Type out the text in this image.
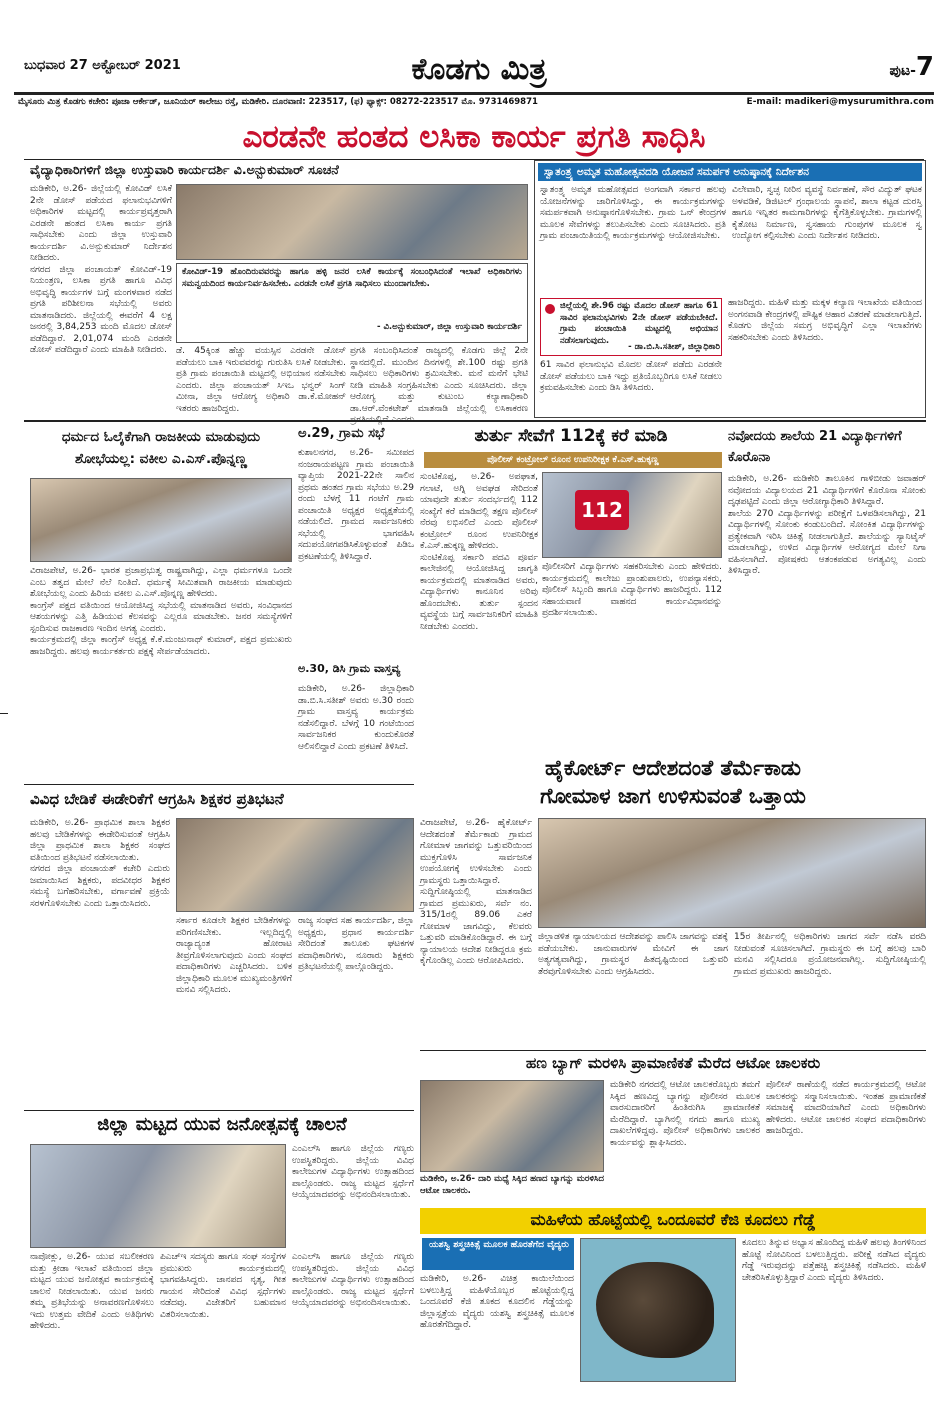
ಬುಧವಾರ 27 ಅಕ್ಟೋಬರ್ 2021	ಕೊಡಗು ಮಿತ್ರ	ಪುಟ-7
ಮೈಸೂರು ಮಿತ್ರ ಕೊಡಗು ಕಚೇರಿ: ಪೂಜಾ ಆರ್ಕೇಡ್, ಜೂನಿಯರ್ ಕಾಲೇಜು ರಸ್ತೆ, ಮಡಿಕೇರಿ. ದೂರವಾಣಿ: 223517, (ಫ) ಫ್ಯಾಕ್ಸ್: 08272-223517 ಮೊ. 9731469871	E-mail: madikeri@mysurumithra.com
ಎರಡನೇ ಹಂತದ ಲಸಿಕಾ ಕಾರ್ಯ ಪ್ರಗತಿ ಸಾಧಿಸಿ
ವೈದ್ಯಾಧಿಕಾರಿಗಳಿಗೆ ಜಿಲ್ಲಾ ಉಸ್ತುವಾರಿ ಕಾರ್ಯದರ್ಶಿ ವಿ.ಅನ್ಬುಕುಮಾರ್ ಸೂಚನೆ
ಮಡಿಕೇರಿ, ಅ.26- ಜಿಲ್ಲೆಯಲ್ಲಿ ಕೋವಿಡ್ ಲಸಿಕೆ 2ನೇ ಡೋಸ್ ಪಡೆಯದ ಫಲಾನುಭವಿಗಳಿಗೆ ಅಧಿಕಾರಿಗಳ ಮಟ್ಟದಲ್ಲಿ ಕಾರ್ಯಪ್ರವೃತ್ತರಾಗಿ ಎರಡನೇ ಹಂತದ ಲಸಿಕಾ ಕಾರ್ಯ ಪ್ರಗತಿ ಸಾಧಿಸಬೇಕು ಎಂದು ಜಿಲ್ಲಾ ಉಸ್ತುವಾರಿ ಕಾರ್ಯದರ್ಶಿ ವಿ.ಅನ್ಬುಕುಮಾರ್ ನಿರ್ದೇಶನ ನೀಡಿದರು.
ನಗರದ ಜಿಲ್ಲಾ ಪಂಚಾಯತ್ ಕೋವಿಡ್-19 ನಿಯಂತ್ರಣ, ಲಸಿಕಾ ಪ್ರಗತಿ ಹಾಗೂ ವಿವಿಧ ಅಭಿವೃದ್ಧಿ ಕಾರ್ಯಗಳ ಬಗ್ಗೆ ಮಂಗಳವಾರ ನಡೆದ ಪ್ರಗತಿ ಪರಿಶೀಲನಾ ಸಭೆಯಲ್ಲಿ ಅವರು ಮಾತನಾಡಿದರು. ಜಿಲ್ಲೆಯಲ್ಲಿ ಈವರೆಗೆ 4 ಲಕ್ಷ ಜನರಲ್ಲಿ 3,84,253 ಮಂದಿ ಮೊದಲ ಡೋಸ್ ಪಡೆದಿದ್ದಾರೆ. 2,01,074 ಮಂದಿ ಎರಡನೇ ಡೋಸ್ ಪಡೆದಿದ್ದಾರೆ ಎಂದು ಮಾಹಿತಿ ನೀಡಿದರು.
ಕೋವಿಡ್-19 ಹೊಂದಿರುವವರನ್ನು ಹಾಗೂ ಹಳ್ಳಿ ಜನರ ಲಸಿಕೆ ಕಾರ್ಯಕ್ಕೆ ಸಂಬಂಧಿಸಿದಂತೆ ಇಲಾಖೆ ಅಧಿಕಾರಿಗಳು ಸಮನ್ವಯದಿಂದ ಕಾರ್ಯನಿರ್ವಹಿಸಬೇಕು. ಎರಡನೇ ಲಸಿಕೆ ಪ್ರಗತಿ ಸಾಧಿಸಲು ಮುಂದಾಗಬೇಕು.
- ವಿ.ಅನ್ಬುಕುಮಾರ್, ಜಿಲ್ಲಾ ಉಸ್ತುವಾರಿ ಕಾರ್ಯದರ್ಶಿ
ಡೆ. 45ಕ್ಕಿಂತ ಹೆಚ್ಚು ವಯಸ್ಸಿನ ಎರಡನೇ ಡೋಸ್ ಪಡೆಯಲು ಬಾಕಿ ಇರುವವರನ್ನು ಗುರುತಿಸಿ ಲಸಿಕೆ ನೀಡಬೇಕು. ಪ್ರತಿ ಗ್ರಾಮ ಪಂಚಾಯಿತಿ ಮಟ್ಟದಲ್ಲಿ ಅಭಿಯಾನ ನಡೆಸಬೇಕು ಎಂದರು. ಜಿಲ್ಲಾ ಪಂಚಾಯತ್ ಸಿಇಒ ಭನ್ವರ್ ಸಿಂಗ್ ಮೀನಾ, ಜಿಲ್ಲಾ ಆರೋಗ್ಯ ಅಧಿಕಾರಿ ಡಾ.ಕೆ.ಮೋಹನ್ ಇತರರು ಹಾಜರಿದ್ದರು.
ಪ್ರಗತಿ ಸಂಬಂಧಿಸಿದಂತೆ ರಾಜ್ಯದಲ್ಲಿ ಕೊಡಗು ಜಿಲ್ಲೆ 2ನೇ ಸ್ಥಾನದಲ್ಲಿದೆ. ಮುಂದಿನ ದಿನಗಳಲ್ಲಿ ಶೇ.100 ರಷ್ಟು ಪ್ರಗತಿ ಸಾಧಿಸಲು ಅಧಿಕಾರಿಗಳು ಶ್ರಮಿಸಬೇಕು. ಮನೆ ಮನೆಗೆ ಭೇಟಿ ನೀಡಿ ಮಾಹಿತಿ ಸಂಗ್ರಹಿಸಬೇಕು ಎಂದು ಸೂಚಿಸಿದರು. ಜಿಲ್ಲಾ ಆರೋಗ್ಯ ಮತ್ತು ಕುಟುಂಬ ಕಲ್ಯಾಣಾಧಿಕಾರಿ ಡಾ.ಆರ್.ವೆಂಕಟೇಶ್ ಮಾತನಾಡಿ ಜಿಲ್ಲೆಯಲ್ಲಿ ಲಸಿಕಾಕರಣ
ಸ್ವಾತಂತ್ರ್ಯ ಅಮೃತ ಮಹೋತ್ಸವದಡಿ ಯೋಜನೆ ಸಮರ್ಪಕ ಅನುಷ್ಠಾನಕ್ಕೆ ನಿರ್ದೇಶನ
ಸ್ವಾತಂತ್ರ್ಯ ಅಮೃತ ಮಹೋತ್ಸವದ ಅಂಗವಾಗಿ ಸರ್ಕಾರ ಹಲವು ಯೋಜನೆಗಳನ್ನು ಜಾರಿಗೊಳಿಸಿದ್ದು, ಈ ಕಾರ್ಯಕ್ರಮಗಳನ್ನು ಸಮರ್ಪಕವಾಗಿ ಅನುಷ್ಠಾನಗೊಳಿಸಬೇಕು. ಗ್ರಾಮ ಒನ್ ಕೇಂದ್ರಗಳ ಮೂಲಕ ಸೇವೆಗಳನ್ನು ತಲುಪಿಸಬೇಕು ಎಂದು ಸೂಚಿಸಿದರು. ಪ್ರತಿ ಗ್ರಾಮ ಪಂಚಾಯಿತಿಯಲ್ಲಿ ಕಾರ್ಯಕ್ರಮಗಳನ್ನು ಆಯೋಜಿಸಬೇಕು.
ವಿಲೇವಾರಿ, ಸ್ವಚ್ಛ ನೀರಿನ ವ್ಯವಸ್ಥೆ ನಿರ್ವಹಣೆ, ಸೌರ ವಿದ್ಯುತ್ ಘಟಕ ಅಳವಡಿಕೆ, ಡಿಜಿಟಲ್ ಗ್ರಂಥಾಲಯ ಸ್ಥಾಪನೆ, ಶಾಲಾ ಕಟ್ಟಡ ದುರಸ್ತಿ ಹಾಗೂ ಇನ್ನಿತರ ಕಾಮಗಾರಿಗಳನ್ನು ಕೈಗೆತ್ತಿಕೊಳ್ಳಬೇಕು. ಗ್ರಾಮಗಳಲ್ಲಿ ಕೈತೋಟ ನಿರ್ಮಾಣ, ಸ್ವಸಹಾಯ ಗುಂಪುಗಳ ಮೂಲಕ ಸ್ವ ಉದ್ಯೋಗ ಕಲ್ಪಿಸಬೇಕು ಎಂದು ನಿರ್ದೇಶನ ನೀಡಿದರು.
ಜಿಲ್ಲೆಯಲ್ಲಿ ಶೇ.96 ರಷ್ಟು ಮೊದಲ ಡೋಸ್ ಹಾಗೂ 61 ಸಾವಿರ ಫಲಾನುಭವಿಗಳು 2ನೇ ಡೋಸ್ ಪಡೆಯಬೇಕಿದೆ. ಗ್ರಾಮ ಪಂಚಾಯಿತಿ ಮಟ್ಟದಲ್ಲಿ ಅಭಿಯಾನ ನಡೆಸಲಾಗುವುದು.
- ಡಾ.ಬಿ.ಸಿ.ಸತೀಶ್, ಜಿಲ್ಲಾಧಿಕಾರಿ
61 ಸಾವಿರ ಫಲಾನುಭವಿ ಮೊದಲ ಡೋಸ್ ಪಡೆದು ಎರಡನೇ ಡೋಸ್ ಪಡೆಯಲು ಬಾಕಿ ಇದ್ದು ಪ್ರತಿಯೊಬ್ಬರಿಗೂ ಲಸಿಕೆ ನೀಡಲು ಕ್ರಮವಹಿಸಬೇಕು ಎಂದು ಡಿಸಿ ತಿಳಿಸಿದರು.
ಹಾಜರಿದ್ದರು. ಮಹಿಳೆ ಮತ್ತು ಮಕ್ಕಳ ಕಲ್ಯಾಣ ಇಲಾಖೆಯ ವತಿಯಿಂದ ಅಂಗನವಾಡಿ ಕೇಂದ್ರಗಳಲ್ಲಿ ಪೌಷ್ಟಿಕ ಆಹಾರ ವಿತರಣೆ ಮಾಡಲಾಗುತ್ತಿದೆ. ಕೊಡಗು ಜಿಲ್ಲೆಯ ಸಮಗ್ರ ಅಭಿವೃದ್ಧಿಗೆ ಎಲ್ಲಾ ಇಲಾಖೆಗಳು ಸಹಕರಿಸಬೇಕು ಎಂದು ತಿಳಿಸಿದರು.
ಧರ್ಮದ ಓಲೈಕೆಗಾಗಿ ರಾಜಕೀಯ ಮಾಡುವುದು ಶೋಭೆಯಲ್ಲ: ವಕೀಲ ಎ.ಎಸ್.ಪೊನ್ನಣ್ಣ
ವಿರಾಜಪೇಟೆ, ಅ.26- ಭಾರತ ಪ್ರಜಾಪ್ರಭುತ್ವ ರಾಷ್ಟ್ರವಾಗಿದ್ದು, ಎಲ್ಲಾ ಧರ್ಮಗಳೂ ಒಂದೇ ಎಂಬ ತತ್ವದ ಮೇಲೆ ನೆಲೆ ನಿಂತಿದೆ. ಧರ್ಮಕ್ಕೆ ಸೀಮಿತವಾಗಿ ರಾಜಕೀಯ ಮಾಡುವುದು ಶೋಭೆಯಲ್ಲ ಎಂದು ಹಿರಿಯ ವಕೀಲ ಎ.ಎಸ್.ಪೊನ್ನಣ್ಣ ಹೇಳಿದರು.
ಕಾಂಗ್ರೆಸ್ ಪಕ್ಷದ ವತಿಯಿಂದ ಆಯೋಜಿಸಿದ್ದ ಸಭೆಯಲ್ಲಿ ಮಾತನಾಡಿದ ಅವರು, ಸಂವಿಧಾನದ ಆಶಯಗಳನ್ನು ಎತ್ತಿ ಹಿಡಿಯುವ ಕೆಲಸವನ್ನು ಎಲ್ಲರೂ ಮಾಡಬೇಕು. ಜನರ ಸಮಸ್ಯೆಗಳಿಗೆ ಸ್ಪಂದಿಸುವ ರಾಜಕಾರಣ ಇಂದಿನ ಅಗತ್ಯ ಎಂದರು.
ಕಾರ್ಯಕ್ರಮದಲ್ಲಿ ಜಿಲ್ಲಾ ಕಾಂಗ್ರೆಸ್ ಅಧ್ಯಕ್ಷ ಕೆ.ಕೆ.ಮಂಜುನಾಥ್ ಕುಮಾರ್, ಪಕ್ಷದ ಪ್ರಮುಖರು ಹಾಜರಿದ್ದರು. ಹಲವು ಕಾರ್ಯಕರ್ತರು ಪಕ್ಷಕ್ಕೆ ಸೇರ್ಪಡೆಯಾದರು.
ಅ.29, ಗ್ರಾಮ ಸಭೆ
ಕುಶಾಲನಗರ, ಅ.26- ಸಮೀಪದ ನಂಜರಾಯಪಟ್ಟಣ ಗ್ರಾಮ ಪಂಚಾಯಿತಿ ವ್ಯಾಪ್ತಿಯ 2021-22ನೇ ಸಾಲಿನ ಪ್ರಥಮ ಹಂತದ ಗ್ರಾಮ ಸಭೆಯು ಅ.29 ರಂದು ಬೆಳಗ್ಗೆ 11 ಗಂಟೆಗೆ ಗ್ರಾಮ ಪಂಚಾಯಿತಿ ಅಧ್ಯಕ್ಷರ ಅಧ್ಯಕ್ಷತೆಯಲ್ಲಿ ನಡೆಯಲಿದೆ. ಗ್ರಾಮದ ಸಾರ್ವಜನಿಕರು ಸಭೆಯಲ್ಲಿ ಭಾಗವಹಿಸಿ ಸದುಪಯೋಗಪಡಿಸಿಕೊಳ್ಳುವಂತೆ ಪಿಡಿಒ ಪ್ರಕಟಣೆಯಲ್ಲಿ ತಿಳಿಸಿದ್ದಾರೆ.
ಅ.30, ಡಿಸಿ ಗ್ರಾಮ ವಾಸ್ತವ್ಯ
ಮಡಿಕೇರಿ, ಅ.26- ಜಿಲ್ಲಾಧಿಕಾರಿ ಡಾ.ಬಿ.ಸಿ.ಸತೀಶ್ ಅವರು ಅ.30 ರಂದು ಗ್ರಾಮ ವಾಸ್ತವ್ಯ ಕಾರ್ಯಕ್ರಮ ನಡೆಸಲಿದ್ದಾರೆ. ಬೆಳಗ್ಗೆ 10 ಗಂಟೆಯಿಂದ ಸಾರ್ವಜನಿಕರ ಕುಂದುಕೊರತೆ ಆಲಿಸಲಿದ್ದಾರೆ ಎಂದು ಪ್ರಕಟಣೆ ತಿಳಿಸಿದೆ.
ತುರ್ತು ಸೇವೆಗೆ 112ಕ್ಕೆ ಕರೆ ಮಾಡಿ
ಪೊಲೀಸ್ ಕಂಟ್ರೋಲ್ ರೂಂನ ಉಪನಿರೀಕ್ಷಕ ಕೆ.ಎಸ್.ಹುಕ್ಕಣ್ಣ
ಸುಂಟಿಕೊಪ್ಪ, ಅ.26- ಅಪಘಾತ, ಗಲಾಟೆ, ಅಗ್ನಿ ಅವಘಡ ಸೇರಿದಂತೆ ಯಾವುದೇ ತುರ್ತು ಸಂದರ್ಭದಲ್ಲಿ 112 ಸಂಖ್ಯೆಗೆ ಕರೆ ಮಾಡಿದಲ್ಲಿ ತಕ್ಷಣ ಪೊಲೀಸ್ ನೆರವು ಲಭಿಸಲಿದೆ ಎಂದು ಪೊಲೀಸ್ ಕಂಟ್ರೋಲ್ ರೂಂನ ಉಪನಿರೀಕ್ಷಕ ಕೆ.ಎಸ್.ಹುಕ್ಕಣ್ಣ ಹೇಳಿದರು.
ಸುಂಟಿಕೊಪ್ಪ ಸರ್ಕಾರಿ ಪದವಿ ಪೂರ್ವ ಕಾಲೇಜಿನಲ್ಲಿ ಆಯೋಜಿಸಿದ್ದ ಜಾಗೃತಿ ಕಾರ್ಯಕ್ರಮದಲ್ಲಿ ಮಾತನಾಡಿದ ಅವರು, ವಿದ್ಯಾರ್ಥಿಗಳು ಕಾನೂನಿನ ಅರಿವು ಹೊಂದಬೇಕು. ತುರ್ತು ಸ್ಪಂದನ ವ್ಯವಸ್ಥೆಯ ಬಗ್ಗೆ ಸಾರ್ವಜನಿಕರಿಗೆ ಮಾಹಿತಿ ನೀಡಬೇಕು ಎಂದರು.
112
ಪೊಲೀಸರಿಗೆ ವಿದ್ಯಾರ್ಥಿಗಳು ಸಹಕರಿಸಬೇಕು ಎಂದು ಹೇಳಿದರು. ಕಾರ್ಯಕ್ರಮದಲ್ಲಿ ಕಾಲೇಜು ಪ್ರಾಂಶುಪಾಲರು, ಉಪನ್ಯಾಸಕರು, ಪೊಲೀಸ್ ಸಿಬ್ಬಂದಿ ಹಾಗೂ ವಿದ್ಯಾರ್ಥಿಗಳು ಹಾಜರಿದ್ದರು. 112 ಸಹಾಯವಾಣಿ ವಾಹನದ ಕಾರ್ಯವಿಧಾನವನ್ನು ಪ್ರದರ್ಶಿಸಲಾಯಿತು.
ನವೋದಯ ಶಾಲೆಯ 21 ವಿದ್ಯಾರ್ಥಿಗಳಿಗೆ ಕೊರೊನಾ
ಮಡಿಕೇರಿ, ಅ.26- ಮಡಿಕೇರಿ ತಾಲೂಕಿನ ಗಾಳಿಬೀಡು ಜವಾಹರ್ ನವೋದಯ ವಿದ್ಯಾಲಯದ 21 ವಿದ್ಯಾರ್ಥಿಗಳಿಗೆ ಕೊರೊನಾ ಸೋಂಕು ದೃಢಪಟ್ಟಿದೆ ಎಂದು ಜಿಲ್ಲಾ ಆರೋಗ್ಯಾಧಿಕಾರಿ ತಿಳಿಸಿದ್ದಾರೆ.
ಶಾಲೆಯ 270 ವಿದ್ಯಾರ್ಥಿಗಳನ್ನು ಪರೀಕ್ಷೆಗೆ ಒಳಪಡಿಸಲಾಗಿದ್ದು, 21 ವಿದ್ಯಾರ್ಥಿಗಳಲ್ಲಿ ಸೋಂಕು ಕಂಡುಬಂದಿದೆ. ಸೋಂಕಿತ ವಿದ್ಯಾರ್ಥಿಗಳನ್ನು ಪ್ರತ್ಯೇಕವಾಗಿ ಇರಿಸಿ ಚಿಕಿತ್ಸೆ ನೀಡಲಾಗುತ್ತಿದೆ. ಶಾಲೆಯನ್ನು ಸ್ಯಾನಿಟೈಸ್ ಮಾಡಲಾಗಿದ್ದು, ಉಳಿದ ವಿದ್ಯಾರ್ಥಿಗಳ ಆರೋಗ್ಯದ ಮೇಲೆ ನಿಗಾ ವಹಿಸಲಾಗಿದೆ. ಪೋಷಕರು ಆತಂಕಪಡುವ ಅಗತ್ಯವಿಲ್ಲ ಎಂದು ತಿಳಿಸಿದ್ದಾರೆ.
ಹೈಕೋರ್ಟ್ ಆದೇಶದಂತೆ ತೆರ್ಮೆಕಾಡು
ಗೋಮಾಳ ಜಾಗ ಉಳಿಸುವಂತೆ ಒತ್ತಾಯ
ವಿರಾಜಪೇಟೆ, ಅ.26- ಹೈಕೋರ್ಟ್ ಆದೇಶದಂತೆ ತೆರ್ಮೆಕಾಡು ಗ್ರಾಮದ ಗೋಮಾಳ ಜಾಗವನ್ನು ಒತ್ತುವರಿಯಿಂದ ಮುಕ್ತಗೊಳಿಸಿ ಸಾರ್ವಜನಿಕ ಉಪಯೋಗಕ್ಕೆ ಉಳಿಸಬೇಕು ಎಂದು ಗ್ರಾಮಸ್ಥರು ಒತ್ತಾಯಿಸಿದ್ದಾರೆ.
ಸುದ್ದಿಗೋಷ್ಠಿಯಲ್ಲಿ ಮಾತನಾಡಿದ ಗ್ರಾಮದ ಪ್ರಮುಖರು, ಸರ್ವೆ ನಂ. 315/1ರಲ್ಲಿ 89.06 ಎಕರೆ ಗೋಮಾಳ ಜಾಗವಿದ್ದು, ಕೆಲವರು ಒತ್ತುವರಿ ಮಾಡಿಕೊಂಡಿದ್ದಾರೆ. ಈ ಬಗ್ಗೆ ನ್ಯಾಯಾಲಯ ಆದೇಶ ನೀಡಿದ್ದರೂ ಕ್ರಮ ಕೈಗೊಂಡಿಲ್ಲ ಎಂದು ಆರೋಪಿಸಿದರು.
ಜಿಲ್ಲಾಡಳಿತ ನ್ಯಾಯಾಲಯದ ಆದೇಶವನ್ನು ಪಾಲಿಸಿ ಜಾಗವನ್ನು ವಶಕ್ಕೆ ಪಡೆಯಬೇಕು. ಜಾನುವಾರುಗಳ ಮೇವಿಗೆ ಈ ಜಾಗ ಅತ್ಯಗತ್ಯವಾಗಿದ್ದು, ಗ್ರಾಮಸ್ಥರ ಹಿತದೃಷ್ಟಿಯಿಂದ ಒತ್ತುವರಿ ತೆರವುಗೊಳಿಸಬೇಕು ಎಂದು ಆಗ್ರಹಿಸಿದರು.
15ರ ತೀರ್ಪಿನಲ್ಲಿ ಅಧಿಕಾರಿಗಳು ಜಾಗದ ಸರ್ವೆ ನಡೆಸಿ ವರದಿ ನೀಡುವಂತೆ ಸೂಚಿಸಲಾಗಿದೆ. ಗ್ರಾಮಸ್ಥರು ಈ ಬಗ್ಗೆ ಹಲವು ಬಾರಿ ಮನವಿ ಸಲ್ಲಿಸಿದರೂ ಪ್ರಯೋಜನವಾಗಿಲ್ಲ. ಸುದ್ದಿಗೋಷ್ಠಿಯಲ್ಲಿ ಗ್ರಾಮದ ಪ್ರಮುಖರು ಹಾಜರಿದ್ದರು.
ವಿವಿಧ ಬೇಡಿಕೆ ಈಡೇರಿಕೆಗೆ ಆಗ್ರಹಿಸಿ ಶಿಕ್ಷಕರ ಪ್ರತಿಭಟನೆ
ಮಡಿಕೇರಿ, ಅ.26- ಪ್ರಾಥಮಿಕ ಶಾಲಾ ಶಿಕ್ಷಕರ ಹಲವು ಬೇಡಿಕೆಗಳನ್ನು ಈಡೇರಿಸುವಂತೆ ಆಗ್ರಹಿಸಿ ಜಿಲ್ಲಾ ಪ್ರಾಥಮಿಕ ಶಾಲಾ ಶಿಕ್ಷಕರ ಸಂಘದ ವತಿಯಿಂದ ಪ್ರತಿಭಟನೆ ನಡೆಸಲಾಯಿತು.
ನಗರದ ಜಿಲ್ಲಾ ಪಂಚಾಯತ್ ಕಚೇರಿ ಎದುರು ಜಮಾಯಿಸಿದ ಶಿಕ್ಷಕರು, ಪದವೀಧರ ಶಿಕ್ಷಕರ ಸಮಸ್ಯೆ ಬಗೆಹರಿಸಬೇಕು, ವರ್ಗಾವಣೆ ಪ್ರಕ್ರಿಯೆ ಸರಳಗೊಳಿಸಬೇಕು ಎಂದು ಒತ್ತಾಯಿಸಿದರು.
ಸರ್ಕಾರ ಕೂಡಲೇ ಶಿಕ್ಷಕರ ಬೇಡಿಕೆಗಳನ್ನು ಪರಿಗಣಿಸಬೇಕು. ಇಲ್ಲದಿದ್ದಲ್ಲಿ ರಾಜ್ಯಾದ್ಯಂತ ಹೋರಾಟ ತೀವ್ರಗೊಳಿಸಲಾಗುವುದು ಎಂದು ಸಂಘದ ಪದಾಧಿಕಾರಿಗಳು ಎಚ್ಚರಿಸಿದರು. ಬಳಿಕ ಜಿಲ್ಲಾಧಿಕಾರಿ ಮೂಲಕ ಮುಖ್ಯಮಂತ್ರಿಗಳಿಗೆ ಮನವಿ ಸಲ್ಲಿಸಿದರು.
ರಾಜ್ಯ ಸಂಘದ ಸಹ ಕಾರ್ಯದರ್ಶಿ, ಜಿಲ್ಲಾ ಅಧ್ಯಕ್ಷರು, ಪ್ರಧಾನ ಕಾರ್ಯದರ್ಶಿ ಸೇರಿದಂತೆ ತಾಲೂಕು ಘಟಕಗಳ ಪದಾಧಿಕಾರಿಗಳು, ನೂರಾರು ಶಿಕ್ಷಕರು ಪ್ರತಿಭಟನೆಯಲ್ಲಿ ಪಾಲ್ಗೊಂಡಿದ್ದರು.
ಜಿಲ್ಲಾ ಮಟ್ಟದ ಯುವ ಜನೋತ್ಸವಕ್ಕೆ ಚಾಲನೆ
ಎಂಎಲ್‍ಸಿ ಹಾಗೂ ಜಿಲ್ಲೆಯ ಗಣ್ಯರು ಉಪಸ್ಥಿತರಿದ್ದರು. ಜಿಲ್ಲೆಯ ವಿವಿಧ ಕಾಲೇಜುಗಳ ವಿದ್ಯಾರ್ಥಿಗಳು ಉತ್ಸಾಹದಿಂದ ಪಾಲ್ಗೊಂಡರು. ರಾಜ್ಯ ಮಟ್ಟದ ಸ್ಪರ್ಧೆಗೆ ಆಯ್ಕೆಯಾದವರನ್ನು ಅಭಿನಂದಿಸಲಾಯಿತು.
ನಾಪೋಕ್ಲು, ಅ.26- ಯುವ ಸಬಲೀಕರಣ ಮತ್ತು ಕ್ರೀಡಾ ಇಲಾಖೆ ವತಿಯಿಂದ ಜಿಲ್ಲಾ ಮಟ್ಟದ ಯುವ ಜನೋತ್ಸವ ಕಾರ್ಯಕ್ರಮಕ್ಕೆ ಚಾಲನೆ ನೀಡಲಾಯಿತು. ಯುವ ಜನರು ತಮ್ಮ ಪ್ರತಿಭೆಯನ್ನು ಅನಾವರಣಗೊಳಿಸಲು ಇದು ಉತ್ತಮ ವೇದಿಕೆ ಎಂದು ಅತಿಥಿಗಳು ಹೇಳಿದರು.
ಪಿಎಚ್‍ಇ ಸದಸ್ಯರು ಹಾಗೂ ಸಂಘ ಸಂಸ್ಥೆಗಳ ಪ್ರಮುಖರು ಕಾರ್ಯಕ್ರಮದಲ್ಲಿ ಭಾಗವಹಿಸಿದ್ದರು. ಜಾನಪದ ನೃತ್ಯ, ಗೀತ ಗಾಯನ ಸೇರಿದಂತೆ ವಿವಿಧ ಸ್ಪರ್ಧೆಗಳು ನಡೆದವು. ವಿಜೇತರಿಗೆ ಬಹುಮಾನ ವಿತರಿಸಲಾಯಿತು.
ಎಂಎಲ್‍ಸಿ ಹಾಗೂ ಜಿಲ್ಲೆಯ ಗಣ್ಯರು ಉಪಸ್ಥಿತರಿದ್ದರು. ಜಿಲ್ಲೆಯ ವಿವಿಧ ಕಾಲೇಜುಗಳ ವಿದ್ಯಾರ್ಥಿಗಳು ಉತ್ಸಾಹದಿಂದ ಪಾಲ್ಗೊಂಡರು. ರಾಜ್ಯ ಮಟ್ಟದ ಸ್ಪರ್ಧೆಗೆ ಆಯ್ಕೆಯಾದವರನ್ನು ಅಭಿನಂದಿಸಲಾಯಿತು.
ಹಣ ಬ್ಯಾಗ್ ಮರಳಿಸಿ ಪ್ರಾಮಾಣಿಕತೆ ಮೆರೆದ ಆಟೋ ಚಾಲಕರು
ಮಡಿಕೇರಿ, ಅ.26- ದಾರಿ ಮಧ್ಯೆ ಸಿಕ್ಕಿದ ಹಣದ ಬ್ಯಾಗನ್ನು ಮರಳಿಸಿದ ಆಟೋ ಚಾಲಕರು.
ಮಡಿಕೇರಿ ನಗರದಲ್ಲಿ ಆಟೋ ಚಾಲಕರೊಬ್ಬರು ತಮಗೆ ಸಿಕ್ಕಿದ ಹಣವಿದ್ದ ಬ್ಯಾಗನ್ನು ಪೊಲೀಸರ ಮೂಲಕ ವಾರಸುದಾರರಿಗೆ ಹಿಂತಿರುಗಿಸಿ ಪ್ರಾಮಾಣಿಕತೆ ಮೆರೆದಿದ್ದಾರೆ. ಬ್ಯಾಗಿನಲ್ಲಿ ನಗದು ಹಾಗೂ ಮುಖ್ಯ ದಾಖಲೆಗಳಿದ್ದವು. ಪೊಲೀಸ್ ಅಧಿಕಾರಿಗಳು ಚಾಲಕರ ಕಾರ್ಯವನ್ನು ಶ್ಲಾಘಿಸಿದರು.
ಪೊಲೀಸ್ ಠಾಣೆಯಲ್ಲಿ ನಡೆದ ಕಾರ್ಯಕ್ರಮದಲ್ಲಿ ಆಟೋ ಚಾಲಕರನ್ನು ಸನ್ಮಾನಿಸಲಾಯಿತು. ಇಂತಹ ಪ್ರಾಮಾಣಿಕತೆ ಸಮಾಜಕ್ಕೆ ಮಾದರಿಯಾಗಿದೆ ಎಂದು ಅಧಿಕಾರಿಗಳು ಹೇಳಿದರು. ಆಟೋ ಚಾಲಕರ ಸಂಘದ ಪದಾಧಿಕಾರಿಗಳು ಹಾಜರಿದ್ದರು.
ಮಹಿಳೆಯ ಹೊಟ್ಟೆಯಲ್ಲಿ ಒಂದೂವರೆ ಕೆಜಿ ಕೂದಲು ಗೆಡ್ಡೆ
ಯಶಸ್ವಿ ಶಸ್ತ್ರಚಿಕಿತ್ಸೆ ಮೂಲಕ ಹೊರತೆಗೆದ ವೈದ್ಯರು
ಮಡಿಕೇರಿ, ಅ.26- ವಿಚಿತ್ರ ಕಾಯಿಲೆಯಿಂದ ಬಳಲುತ್ತಿದ್ದ ಮಹಿಳೆಯೊಬ್ಬರ ಹೊಟ್ಟೆಯಲ್ಲಿದ್ದ ಒಂದೂವರೆ ಕೆಜಿ ತೂಕದ ಕೂದಲಿನ ಗೆಡ್ಡೆಯನ್ನು ಜಿಲ್ಲಾಸ್ಪತ್ರೆಯ ವೈದ್ಯರು ಯಶಸ್ವಿ ಶಸ್ತ್ರಚಿಕಿತ್ಸೆ ಮೂಲಕ ಹೊರತೆಗೆದಿದ್ದಾರೆ.
ಕೂದಲು ತಿನ್ನುವ ಅಭ್ಯಾಸ ಹೊಂದಿದ್ದ ಮಹಿಳೆ ಹಲವು ತಿಂಗಳಿನಿಂದ ಹೊಟ್ಟೆ ನೋವಿನಿಂದ ಬಳಲುತ್ತಿದ್ದರು. ಪರೀಕ್ಷೆ ನಡೆಸಿದ ವೈದ್ಯರು ಗೆಡ್ಡೆ ಇರುವುದನ್ನು ಪತ್ತೆಹಚ್ಚಿ ಶಸ್ತ್ರಚಿಕಿತ್ಸೆ ನಡೆಸಿದರು. ಮಹಿಳೆ ಚೇತರಿಸಿಕೊಳ್ಳುತ್ತಿದ್ದಾರೆ ಎಂದು ವೈದ್ಯರು ತಿಳಿಸಿದರು.
